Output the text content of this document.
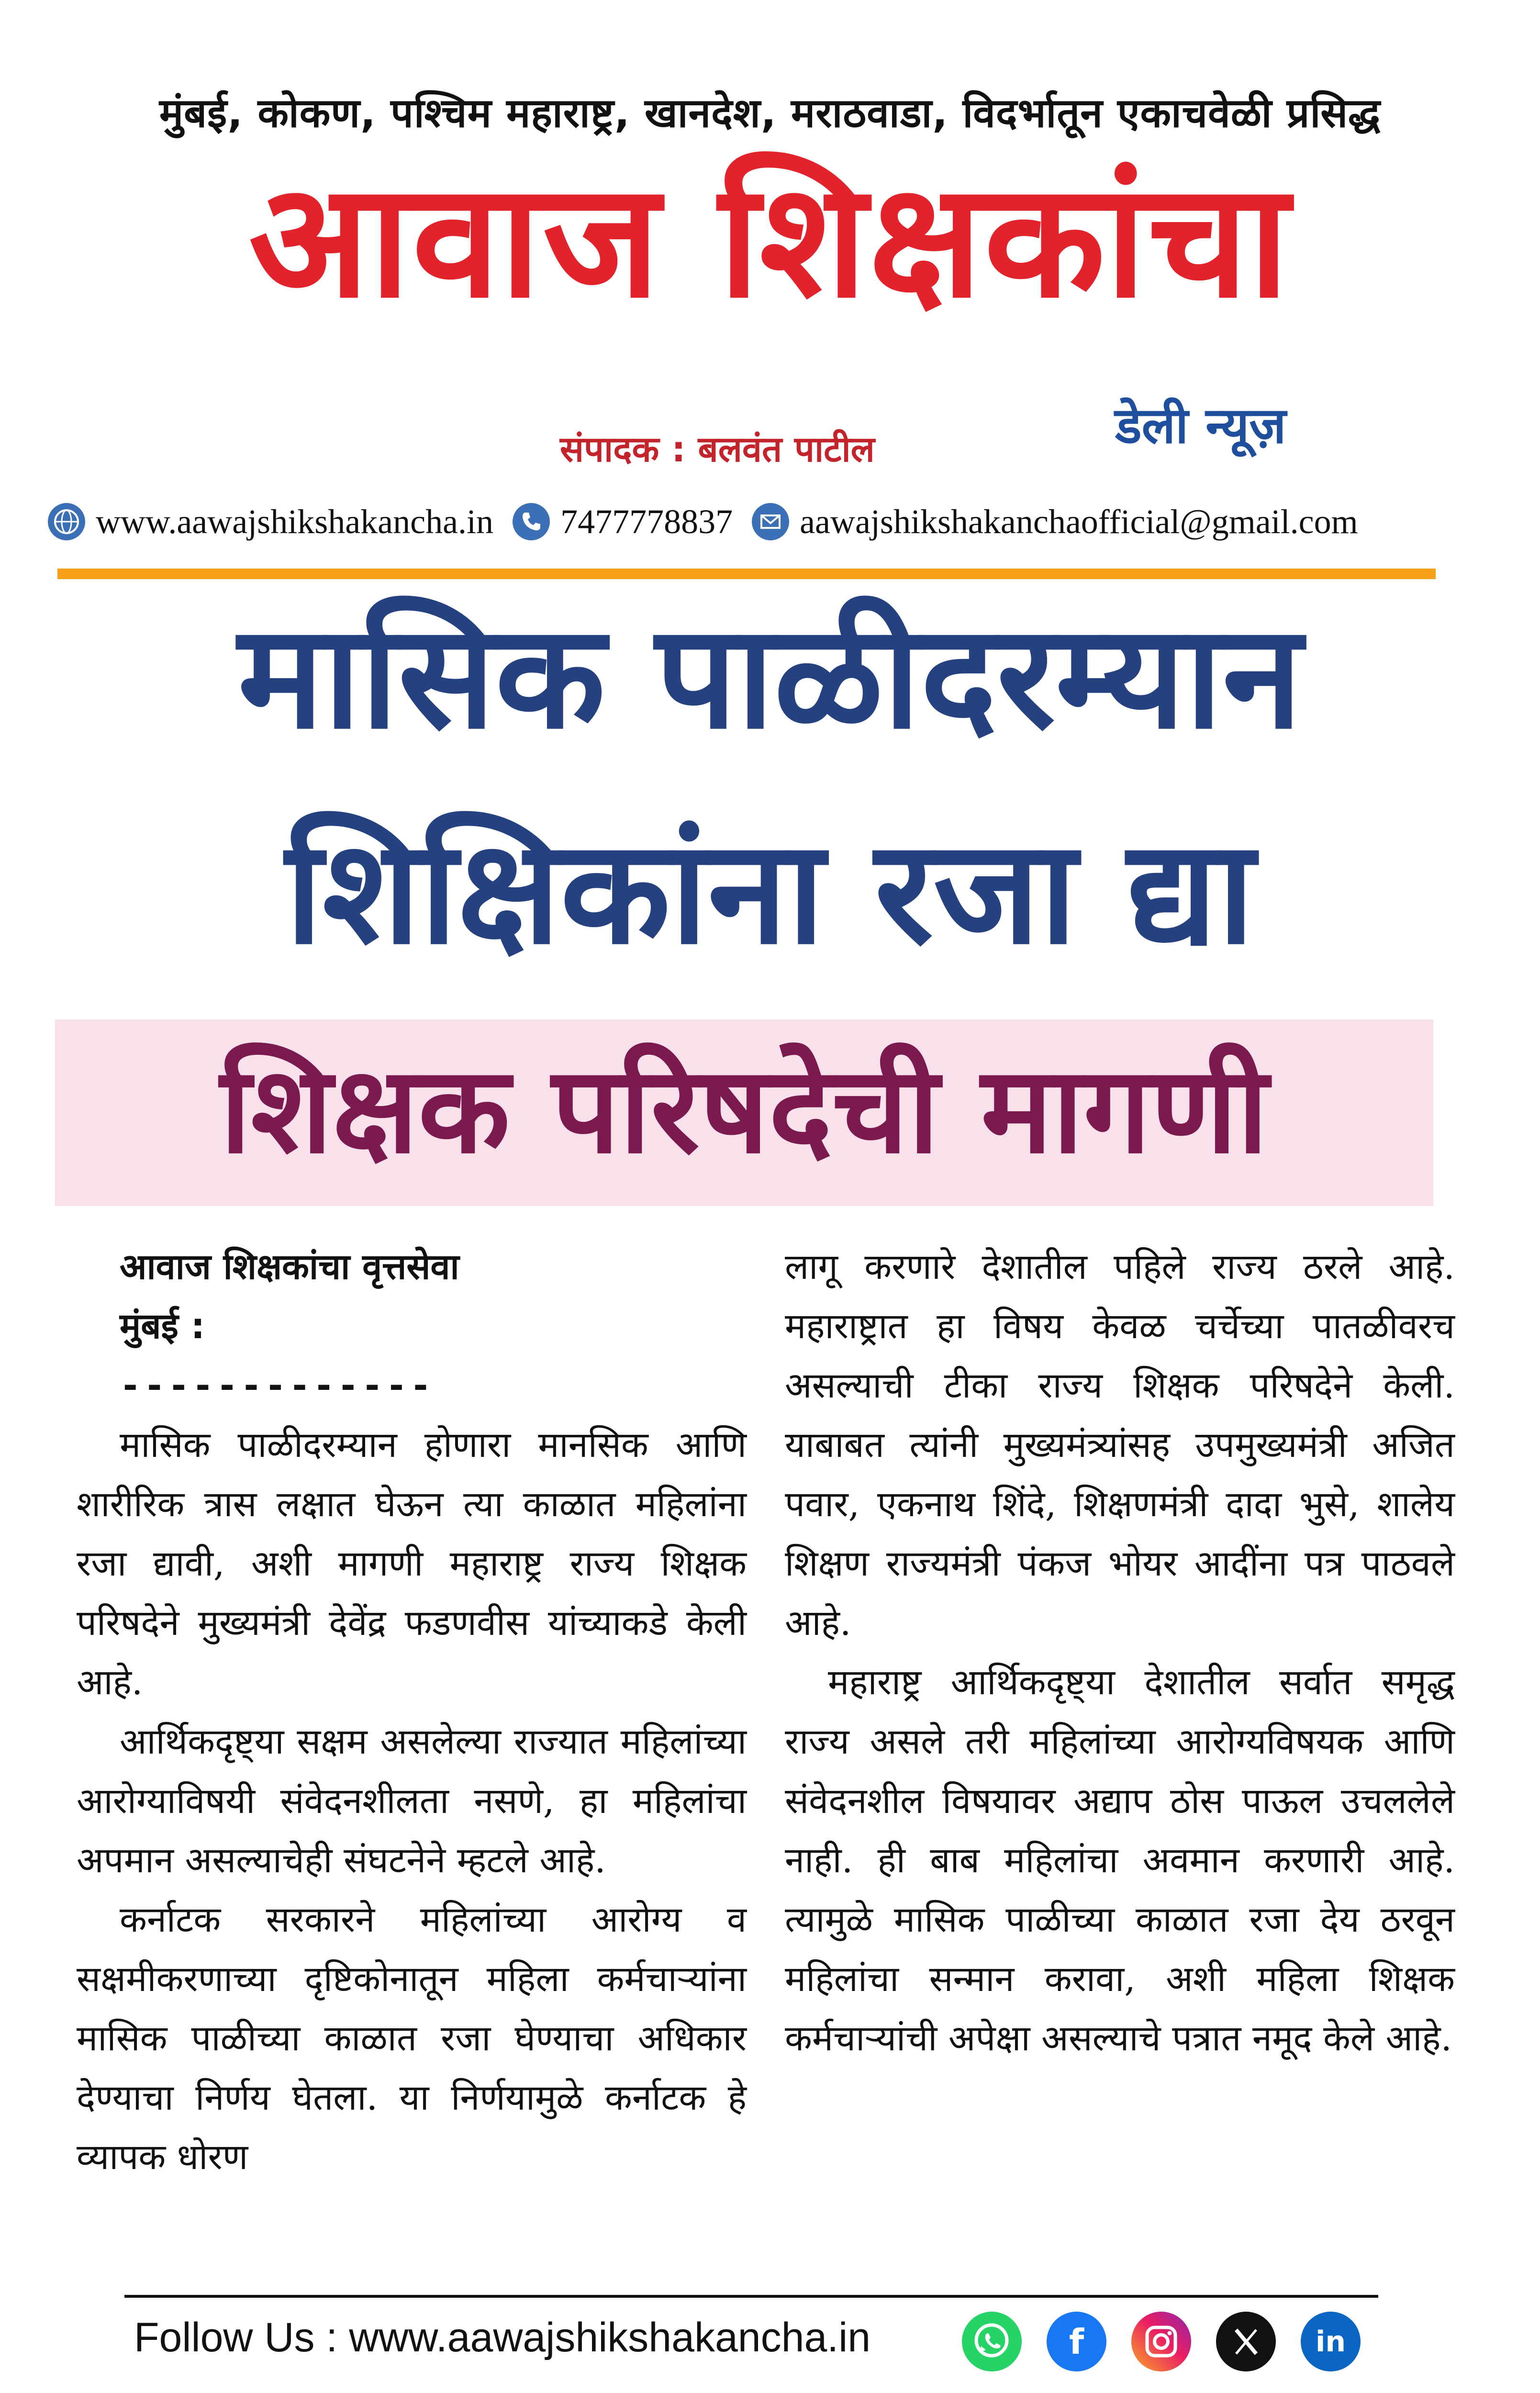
मुंबई, कोकण, पश्चिम महाराष्ट्र, खानदेश, मराठवाडा, विदर्भातून एकाचवेळी प्रसिद्ध
आवाज शिक्षकांचा
डेली न्यूज़
संपादक : बलवंत पाटील
www.aawajshikshakancha.in 7477778837 aawajshikshakanchaofficial@gmail.com
मासिक पाळीदरम्यान
शिक्षिकांना रजा द्या
शिक्षक परिषदेची मागणी
आवाज शिक्षकांचा वृत्तसेवा
मुंबई :
-------------

मासिक पाळीदरम्यान होणारा मानसिक आणि शारीरिक त्रास लक्षात घेऊन त्या काळात महिलांना रजा द्यावी, अशी मागणी महाराष्ट्र राज्य शिक्षक परिषदेने मुख्यमंत्री देवेंद्र फडणवीस यांच्याकडे केली आहे.

आर्थिकदृष्ट्या सक्षम असलेल्या राज्यात महिलांच्या आरोग्याविषयी संवेदनशीलता नसणे, हा महिलांचा अपमान असल्याचेही संघटनेने म्हटले आहे.

कर्नाटक सरकारने महिलांच्या आरोग्य व सक्षमीकरणाच्या दृष्टिकोनातून महिला कर्मचाऱ्यांना मासिक पाळीच्या काळात रजा घेण्याचा अधिकार देण्याचा निर्णय घेतला. या निर्णयामुळे कर्नाटक हे व्यापक धोरण

लागू करणारे देशातील पहिले राज्य ठरले आहे. महाराष्ट्रात हा विषय केवळ चर्चेच्या पातळीवरच असल्याची टीका राज्य शिक्षक परिषदेने केली. याबाबत त्यांनी मुख्यमंत्र्यांसह उपमुख्यमंत्री अजित पवार, एकनाथ शिंदे, शिक्षणमंत्री दादा भुसे, शालेय शिक्षण राज्यमंत्री पंकज भोयर आदींना पत्र पाठवले आहे.

महाराष्ट्र आर्थिकदृष्ट्या देशातील सर्वात समृद्ध राज्य असले तरी महिलांच्या आरोग्यविषयक आणि संवेदनशील विषयावर अद्याप ठोस पाऊल उचललेले नाही. ही बाब महिलांचा अवमान करणारी आहे. त्यामुळे मासिक पाळीच्या काळात रजा देय ठरवून महिलांचा सन्मान करावा, अशी महिला शिक्षक कर्मचाऱ्यांची अपेक्षा असल्याचे पत्रात नमूद केले आहे.

Follow Us : www.aawajshikshakancha.in	f	in
